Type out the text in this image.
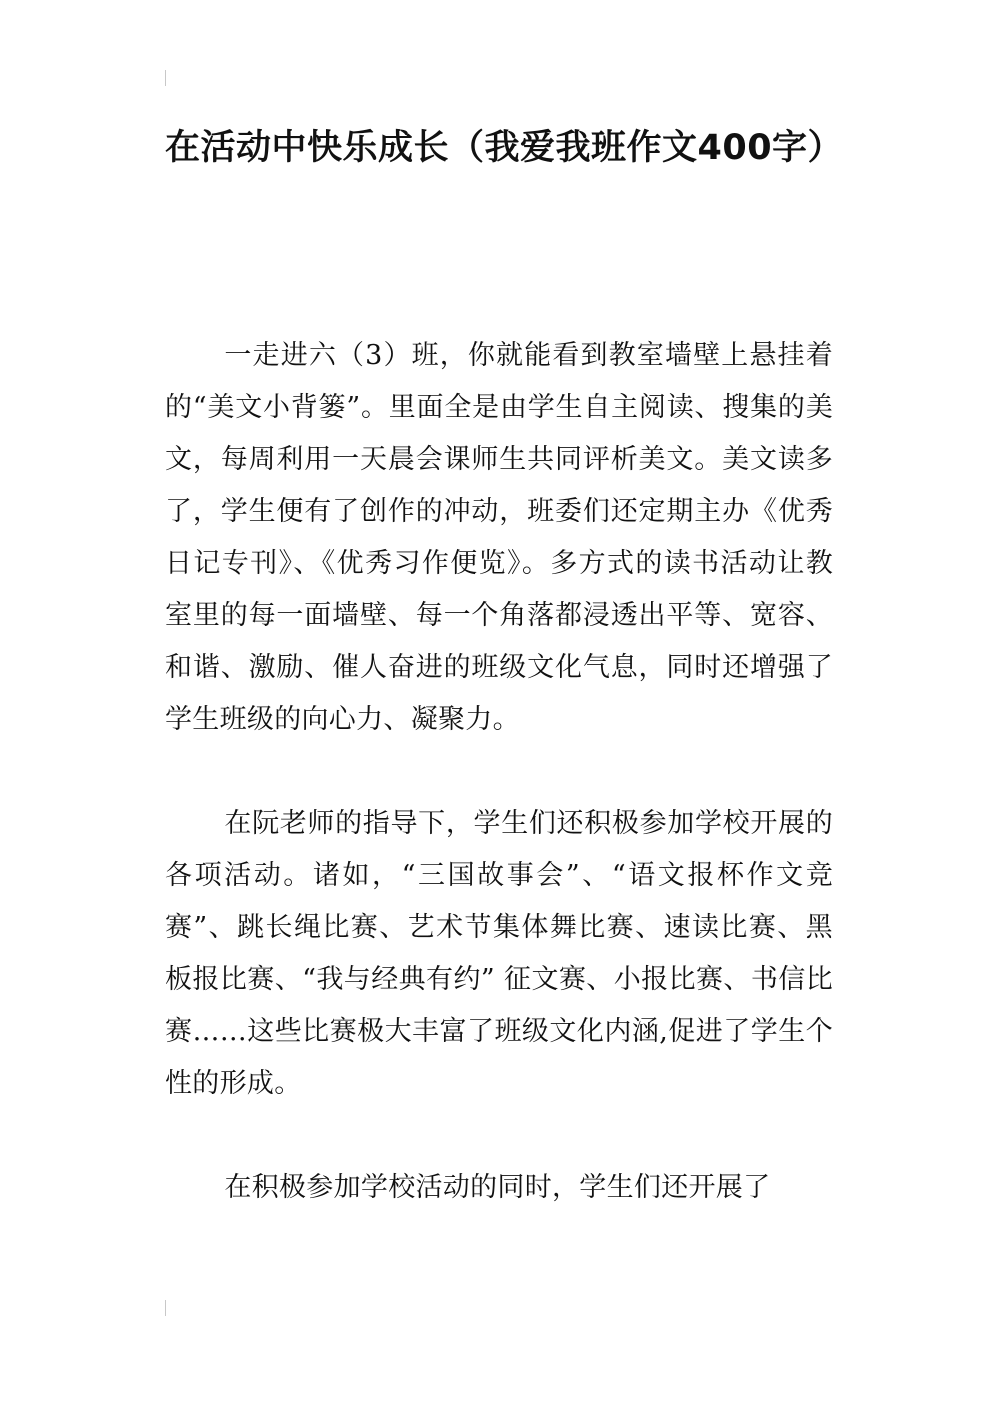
在活动中快乐成长（我爱我班作文400字）

一走进六（3）班，你就能看到教室墙壁上悬挂着的“美文小背篓”。里面全是由学生自主阅读、搜集的美文，每周利用一天晨会课师生共同评析美文。美文读多了，学生便有了创作的冲动，班委们还定期主办《优秀日记专刊》、《优秀习作便览》。多方式的读书活动让教室里的每一面墙壁、每一个角落都浸透出平等、宽容、和谐、激励、催人奋进的班级文化气息，同时还增强了学生班级的向心力、凝聚力。

在阮老师的指导下，学生们还积极参加学校开展的各项活动。诸如，“三国故事会”、“语文报杯作文竞赛”、跳长绳比赛、艺术节集体舞比赛、速读比赛、黑板报比赛、“我与经典有约” 征文赛、小报比赛、书信比赛……这些比赛极大丰富了班级文化内涵,促进了学生个性的形成。

在积极参加学校活动的同时，学生们还开展了
